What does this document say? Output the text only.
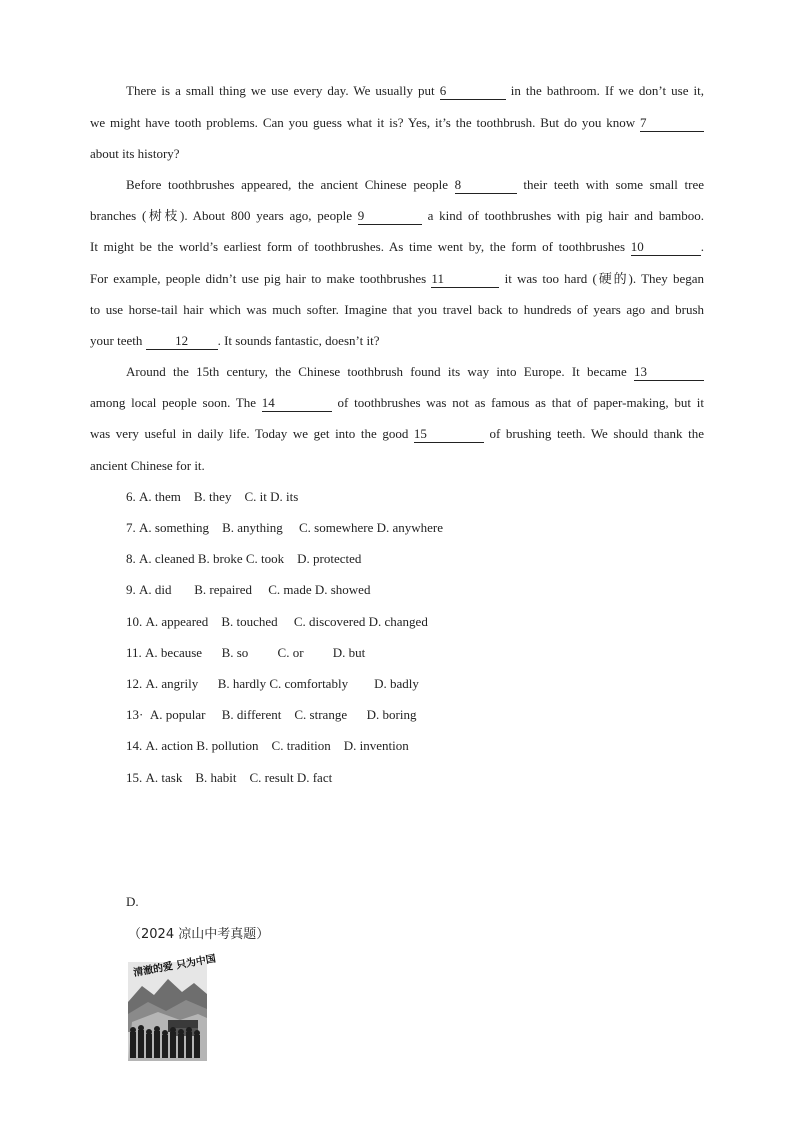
There is a small thing we use every day. We usually put 6	in the bathroom. If we don’t use it,
we might have tooth problems. Can you guess what it is? Yes, it’s the toothbrush. But do you know 7
about its history?
Before toothbrushes appeared, the ancient Chinese people 8	their teeth with some small tree
branches (树枝). About 800 years ago, people 9	a kind of toothbrushes with pig hair and bamboo.
It might be the world’s earliest form of toothbrushes. As time went by, the form of toothbrushes 10	.
For example, people didn’t use pig hair to make toothbrushes 11	it was too hard (硬的). They began
to use horse-tail hair which was much softer. Imagine that you travel back to hundreds of years ago and brush
your teeth 12 . It sounds fantastic, doesn’t it?
Around the 15th century, the Chinese toothbrush found its way into Europe. It became 13
among local people soon. The 14	of toothbrushes was not as famous as that of paper-making, but it
was very useful in daily life. Today we get into the good 15	of brushing teeth. We should thank the
ancient Chinese for it.
6. A. them B. they C. it D. its
7. A. something B. anything C. somewhere D. anywhere
8. A. cleaned B. broke C. took D. protected
9. A. did B. repaired C. made D. showed
10. A. appeared B. touched C. discovered D. changed
11. A. because B. so C. or D. but
12. A. angrily B. hardly C. comfortably D. badly
13· A. popular B. different C. strange D. boring
14. A. action B. pollution C. tradition D. invention
15. A. task B. habit C. result D. fact
D.
（2024 凉山中考真题）
清澈的爱 只为中国
